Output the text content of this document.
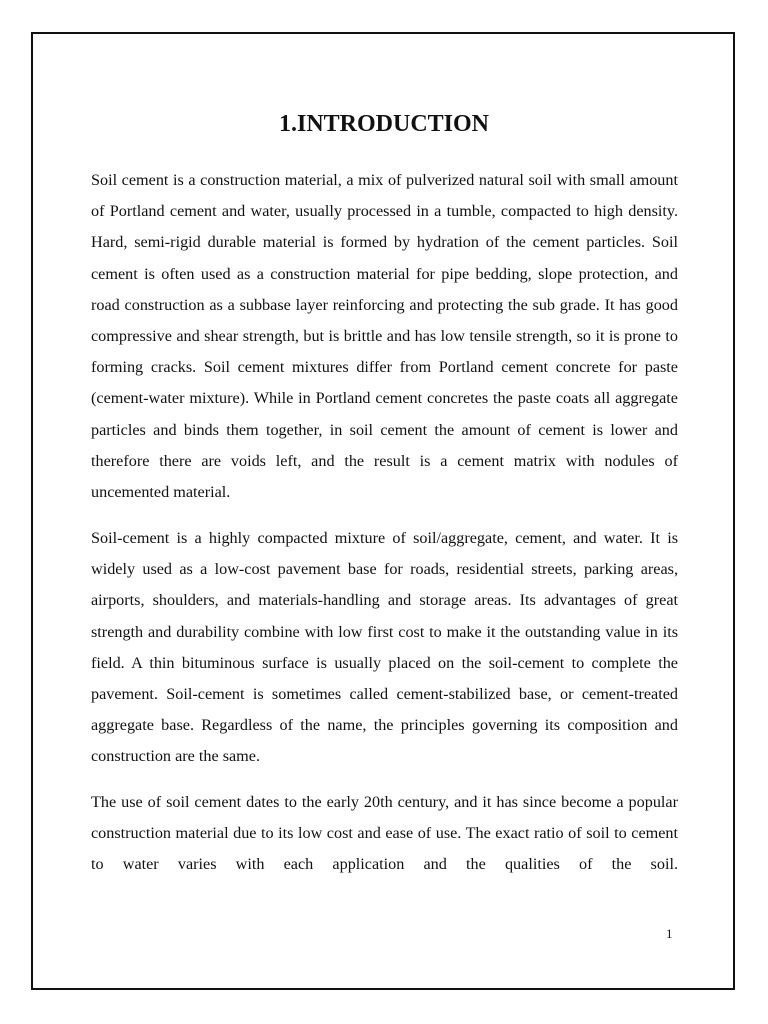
1.INTRODUCTION

Soil cement is a construction material, a mix of pulverized natural soil with small amount of Portland cement and water, usually processed in a tumble, compacted to high density. Hard, semi-rigid durable material is formed by hydration of the cement particles. Soil cement is often used as a construction material for pipe bedding, slope protection, and road construction as a subbase layer reinforcing and protecting the sub grade. It has good compressive and shear strength, but is brittle and has low tensile strength, so it is prone to forming cracks. Soil cement mixtures differ from Portland cement concrete for paste (cement-water mixture). While in Portland cement concretes the paste coats all aggregate particles and binds them together, in soil cement the amount of cement is lower and therefore there are voids left, and the result is a cement matrix with nodules of uncemented material.

Soil-cement is a highly compacted mixture of soil/aggregate, cement, and water. It is widely used as a low-cost pavement base for roads, residential streets, parking areas, airports, shoulders, and materials-handling and storage areas. Its advantages of great strength and durability combine with low first cost to make it the outstanding value in its field. A thin bituminous surface is usually placed on the soil-cement to complete the pavement. Soil-cement is sometimes called cement-stabilized base, or cement-treated aggregate base. Regardless of the name, the principles governing its composition and construction are the same.

The use of soil cement dates to the early 20th century, and it has since become a popular construction material due to its low cost and ease of use. The exact ratio of soil to cement to water varies with each application and the qualities of the soil.

1
